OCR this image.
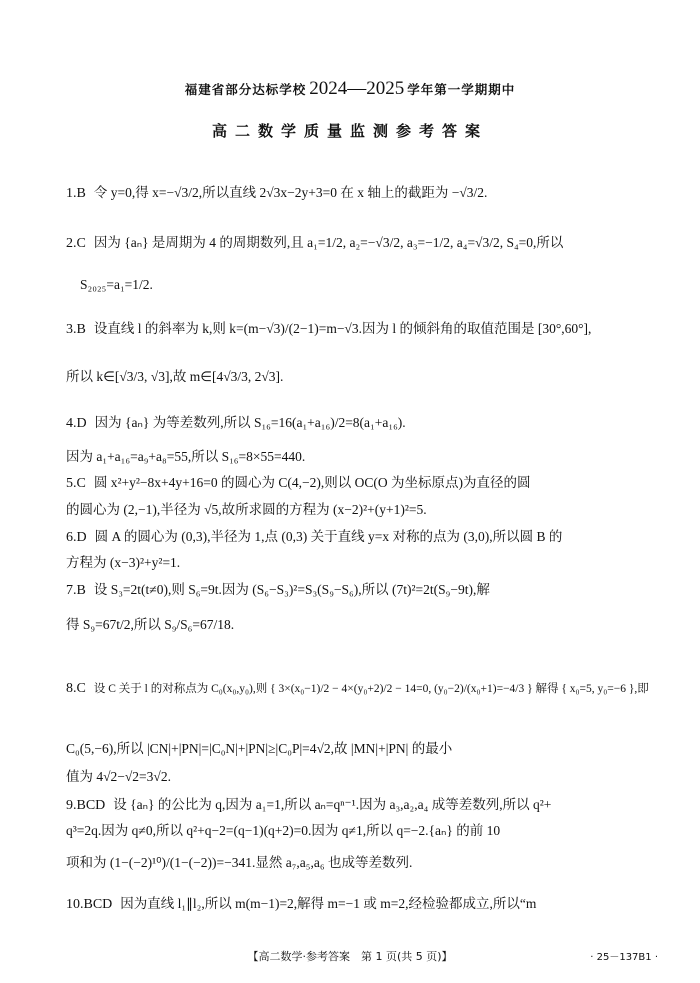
福建省部分达标学校 2024—2025 学年第一学期期中
高二数学质量监测参考答案
1.B 令 y=0,得 x=−√3/2,所以直线 2√3x−2y+3=0 在 x 轴上的截距为 −√3/2.
2.C 因为 {aₙ} 是周期为 4 的周期数列,且 a₁=1/2, a₂=−√3/2, a₃=−1/2, a₄=√3/2, S₄=0,所以
S₂₀₂₅=a₁=1/2.
3.B 设直线 l 的斜率为 k,则 k=(m−√3)/(2−1)=m−√3.因为 l 的倾斜角的取值范围是 [30°,60°],
所以 k∈[√3/3, √3],故 m∈[4√3/3, 2√3].
4.D 因为 {aₙ} 为等差数列,所以 S₁₆=16(a₁+a₁₆)/2=8(a₁+a₁₆).
因为 a₁+a₁₆=a₉+a₈=55,所以 S₁₆=8×55=440.
5.C 圆 x²+y²−8x+4y+16=0 的圆心为 C(4,−2),则以 OC(O 为坐标原点)为直径的圆
的圆心为 (2,−1),半径为 √5,故所求圆的方程为 (x−2)²+(y+1)²=5.
6.D 圆 A 的圆心为 (0,3),半径为 1,点 (0,3) 关于直线 y=x 对称的点为 (3,0),所以圆 B 的
方程为 (x−3)²+y²=1.
7.B 设 S₃=2t(t≠0),则 S₆=9t.因为 (S₆−S₃)²=S₃(S₉−S₆),所以 (7t)²=2t(S₉−9t),解
得 S₉=67t/2,所以 S₉/S₆=67/18.
8.C 设 C 关于 l 的对称点为 C₀(x₀,y₀),则 { 3×(x₀−1)/2 − 4×(y₀+2)/2 − 14=0, (y₀−2)/(x₀+1)=−4/3 } 解得 { x₀=5, y₀=−6 },即
C₀(5,−6),所以 |CN|+|PN|=|C₀N|+|PN|≥|C₀P|=4√2,故 |MN|+|PN| 的最小
值为 4√2−√2=3√2.
9.BCD 设 {aₙ} 的公比为 q,因为 a₁=1,所以 aₙ=qⁿ⁻¹.因为 a₃,a₂,a₄ 成等差数列,所以 q²+
q³=2q.因为 q≠0,所以 q²+q−2=(q−1)(q+2)=0.因为 q≠1,所以 q=−2.{aₙ} 的前 10
项和为 (1−(−2)¹⁰)/(1−(−2))=−341.显然 a₇,a₅,a₆ 也成等差数列.
10.BCD 因为直线 l₁∥l₂,所以 m(m−1)=2,解得 m=−1 或 m=2,经检验都成立,所以“m
【高二数学·参考答案　第 1 页(共 5 页)】	· 25－137B1 ·
